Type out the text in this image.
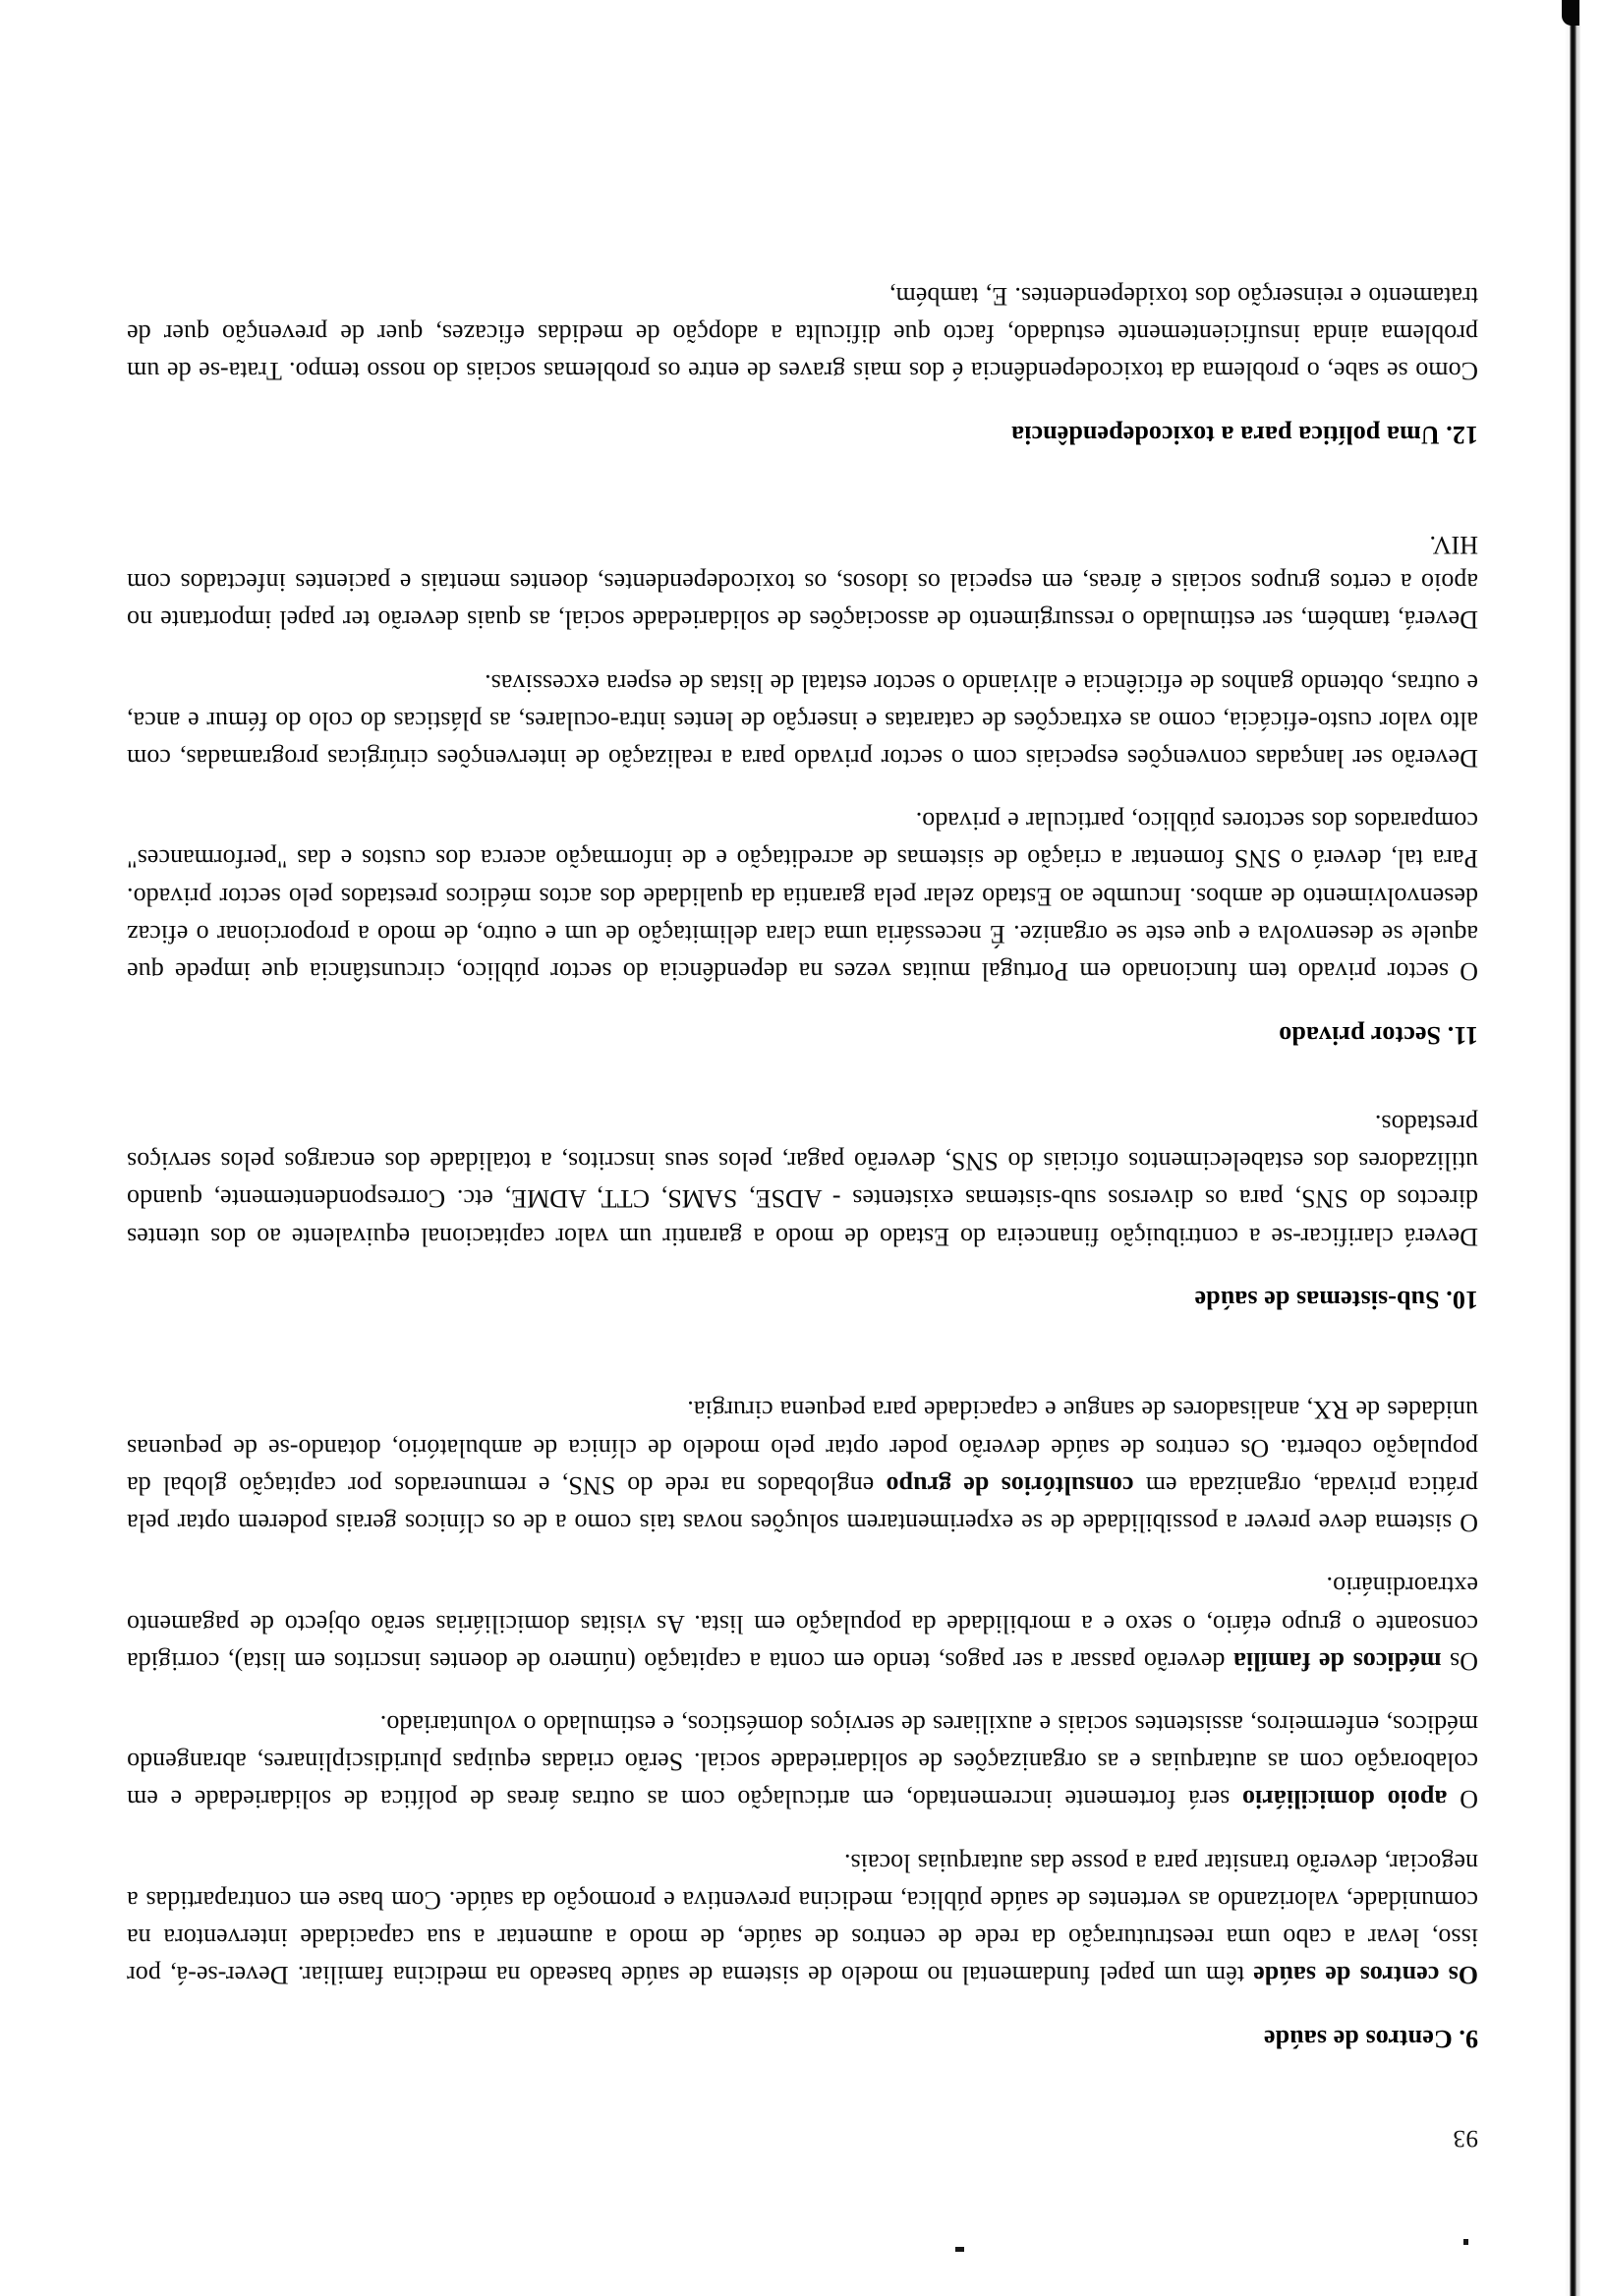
93
9. Centros de saúde

Os centros de saúde têm um papel fundamental no modelo de sistema de saúde baseado na medicina familiar. Dever-se-á, por isso, levar a cabo uma reestruturação da rede de centros de saúde, de modo a aumentar a sua capacidade interventora na comunidade, valorizando as vertentes de saúde pública, medicina preventiva e promoção da saúde. Com base em contrapartidas a negociar, deverão transitar para a posse das autarquias locais.

O apoio domiciliário será fortemente incrementado, em articulação com as outras áreas de política de solidariedade e em colaboração com as autarquias e as organizações de solidariedade social. Serão criadas equipas pluridisciplinares, abrangendo médicos, enfermeiros, assistentes sociais e auxiliares de serviços domésticos, e estimulado o voluntariado.

Os médicos de família deverão passar a ser pagos, tendo em conta a capitação (número de doentes inscritos em lista), corrigida consoante o grupo etário, o sexo e a morbilidade da população em lista. As visitas domiciliárias serão objecto de pagamento extraordinário.

O sistema deve prever a possibilidade de se experimentarem soluções novas tais como a de os clínicos gerais poderem optar pela prática privada, organizada em consultórios de grupo englobados na rede do SNS, e remunerados por capitação global da população coberta. Os centros de saúde deverão poder optar pelo modelo de clínica de ambulatório, dotando-se de pequenas unidades de RX, analisadores de sangue e capacidade para pequena cirurgia.

10. Sub-sistemas de saúde

Deverá clarificar-se a contribuição financeira do Estado de modo a garantir um valor capitacional equivalente ao dos utentes directos do SNS, para os diversos sub-sistemas existentes - ADSE, SAMS, CTT, ADME, etc. Correspondentemente, quando utilizadores dos estabelecimentos oficiais do SNS, deverão pagar, pelos seus inscritos, a totalidade dos encargos pelos serviços prestados.

11. Sector privado

O sector privado tem funcionado em Portugal muitas vezes na dependência do sector público, circunstância que impede que aquele se desenvolva e que este se organize. É necessária uma clara delimitação de um e outro, de modo a proporcionar o eficaz desenvolvimento de ambos. Incumbe ao Estado zelar pela garantia da qualidade dos actos médicos prestados pelo sector privado. Para tal, deverá o SNS fomentar a criação de sistemas de acreditação e de informação acerca dos custos e das "performances" comparados dos sectores público, particular e privado.

Deverão ser lançadas convenções especiais com o sector privado para a realização de intervenções cirúrgicas programadas, com alto valor custo-eficácia, como as extracções de cataratas e inserção de lentes intra-oculares, as plásticas do colo do fémur e anca, e outras, obtendo ganhos de eficiência e aliviando o sector estatal de listas de espera excessivas.

Deverá, também, ser estimulado o ressurgimento de associações de solidariedade social, as quais deverão ter papel importante no apoio a certos grupos sociais e áreas, em especial os idosos, os toxicodependentes, doentes mentais e pacientes infectados com HIV.

12. Uma política para a toxicodependência

Como se sabe, o problema da toxicodependência é dos mais graves de entre os problemas sociais do nosso tempo. Trata-se de um problema ainda insuficientemente estudado, facto que dificulta a adopção de medidas eficazes, quer de prevenção quer de tratamento e reinserção dos toxidependentes. E, também,
